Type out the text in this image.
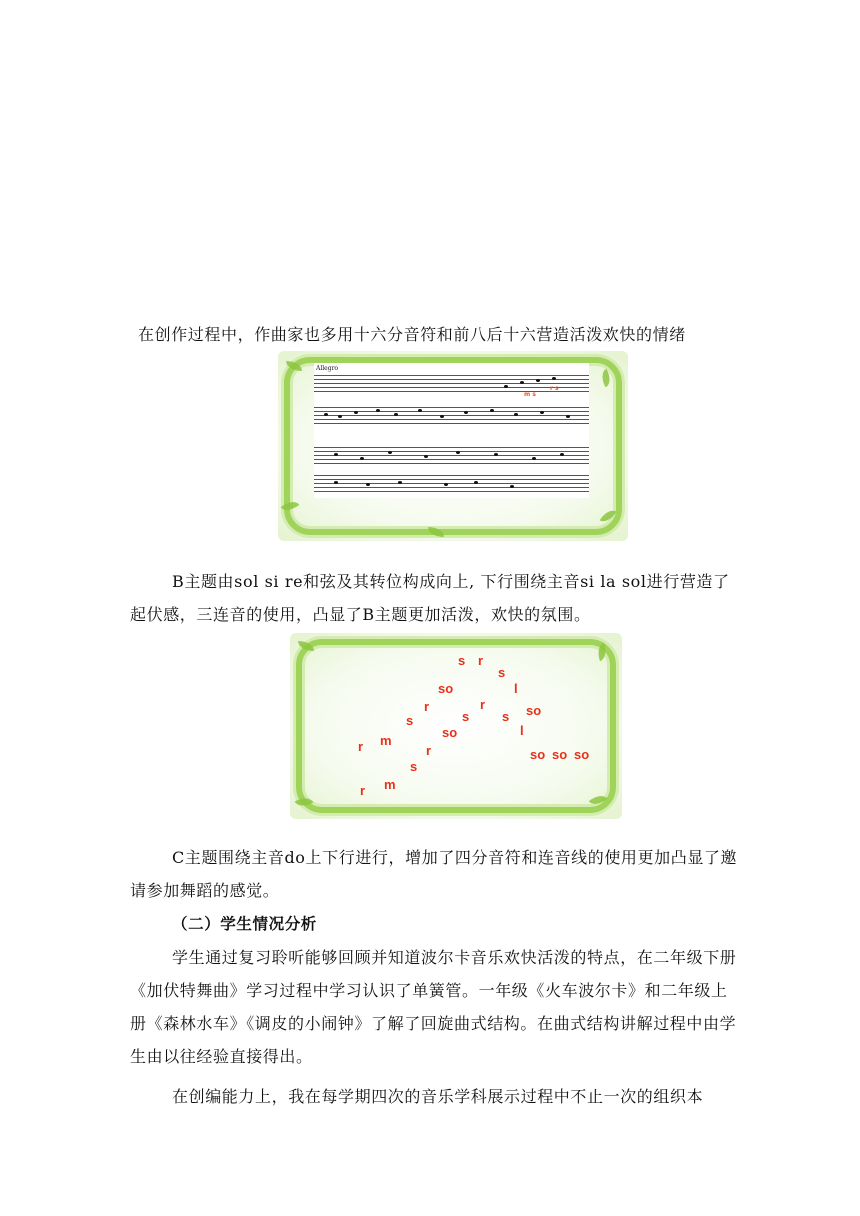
在创作过程中，作曲家也多用十六分音符和前八后十六营造活泼欢快的情绪
Allegro
m s
r s
B主题由sol si re和弦及其转位构成向上, 下行围绕主音si la sol进行营造了起伏感，三连音的使用，凸显了B主题更加活泼，欢快的氛围。
s r
s
so	l
r	r	so
s	s	s
so	l
r m
r	so so so
s
m
r
C主题围绕主音do上下行进行，增加了四分音符和连音线的使用更加凸显了邀请参加舞蹈的感觉。
（二）学生情况分析
学生通过复习聆听能够回顾并知道波尔卡音乐欢快活泼的特点，在二年级下册《加伏特舞曲》学习过程中学习认识了单簧管。一年级《火车波尔卡》和二年级上册《森林水车》《调皮的小闹钟》了解了回旋曲式结构。在曲式结构讲解过程中由学生由以往经验直接得出。
在创编能力上，我在每学期四次的音乐学科展示过程中不止一次的组织本
